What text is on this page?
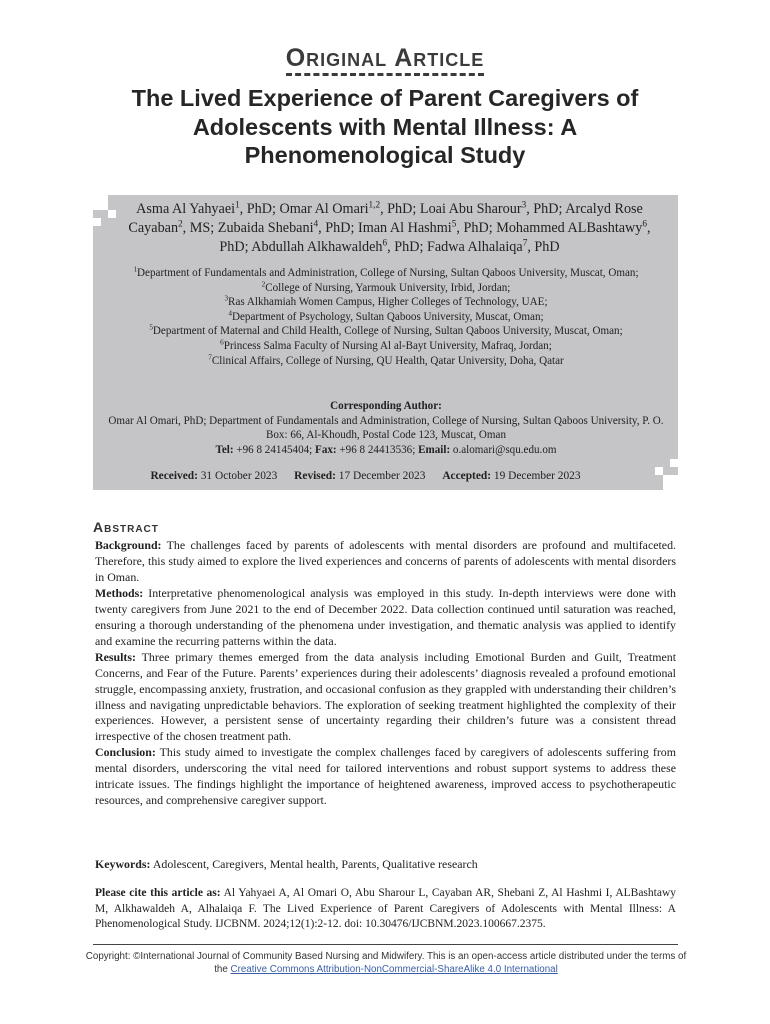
Original Article
The Lived Experience of Parent Caregivers of Adolescents with Mental Illness: A Phenomenological Study
Asma Al Yahyaei$^1$, PhD; Omar Al Omari$^{1,2}$, PhD; Loai Abu Sharour$^3$, PhD; Arcalyd Rose Cayaban$^2$, MS; Zubaida Shebani$^4$, PhD; Iman Al Hashmi$^5$, PhD; Mohammed ALBashtawy$^6$, PhD; Abdullah Alkhawaldeh$^6$, PhD; Fadwa Alhalaiqa$^7$, PhD
$^1$Department of Fundamentals and Administration, College of Nursing, Sultan Qaboos University, Muscat, Oman;
$^2$College of Nursing, Yarmouk University, Irbid, Jordan;
$^3$Ras Alkhamiah Women Campus, Higher Colleges of Technology, UAE;
$^4$Department of Psychology, Sultan Qaboos University, Muscat, Oman;
$^5$Department of Maternal and Child Health, College of Nursing, Sultan Qaboos University, Muscat, Oman;
$^6$Princess Salma Faculty of Nursing Al al-Bayt University, Mafraq, Jordan;
$^7$Clinical Affairs, College of Nursing, QU Health, Qatar University, Doha, Qatar
Corresponding Author:
Omar Al Omari, PhD; Department of Fundamentals and Administration, College of Nursing, Sultan Qaboos University, P. O. Box: 66, Al-Khoudh, Postal Code 123, Muscat, Oman
Tel: +96 8 24145404; Fax: +96 8 24413536; Email: o.alomari@squ.edu.om
Received: 31 October 2023 Revised: 17 December 2023 Accepted: 19 December 2023
Abstract

Background: The challenges faced by parents of adolescents with mental disorders are profound and multifaceted. Therefore, this study aimed to explore the lived experiences and concerns of parents of adolescents with mental disorders in Oman.

Methods: Interpretative phenomenological analysis was employed in this study. In-depth interviews were done with twenty caregivers from June 2021 to the end of December 2022. Data collection continued until saturation was reached, ensuring a thorough understanding of the phenomena under investigation, and thematic analysis was applied to identify and examine the recurring patterns within the data.

Results: Three primary themes emerged from the data analysis including Emotional Burden and Guilt, Treatment Concerns, and Fear of the Future. Parents’ experiences during their adolescents’ diagnosis revealed a profound emotional struggle, encompassing anxiety, frustration, and occasional confusion as they grappled with understanding their children’s illness and navigating unpredictable behaviors. The exploration of seeking treatment highlighted the complexity of their experiences. However, a persistent sense of uncertainty regarding their children’s future was a consistent thread irrespective of the chosen treatment path.

Conclusion: This study aimed to investigate the complex challenges faced by caregivers of adolescents suffering from mental disorders, underscoring the vital need for tailored interventions and robust support systems to address these intricate issues. The findings highlight the importance of heightened awareness, improved access to psychotherapeutic resources, and comprehensive caregiver support.

Keywords: Adolescent, Caregivers, Mental health, Parents, Qualitative research
Please cite this article as: Al Yahyaei A, Al Omari O, Abu Sharour L, Cayaban AR, Shebani Z, Al Hashmi I, ALBashtawy M, Alkhawaldeh A, Alhalaiqa F. The Lived Experience of Parent Caregivers of Adolescents with Mental Illness: A Phenomenological Study. IJCBNM. 2024;12(1):2-12. doi: 10.30476/IJCBNM.2023.100667.2375.
Copyright: ©International Journal of Community Based Nursing and Midwifery. This is an open-access article distributed under the terms of the Creative Commons Attribution-NonCommercial-ShareAlike 4.0 International
